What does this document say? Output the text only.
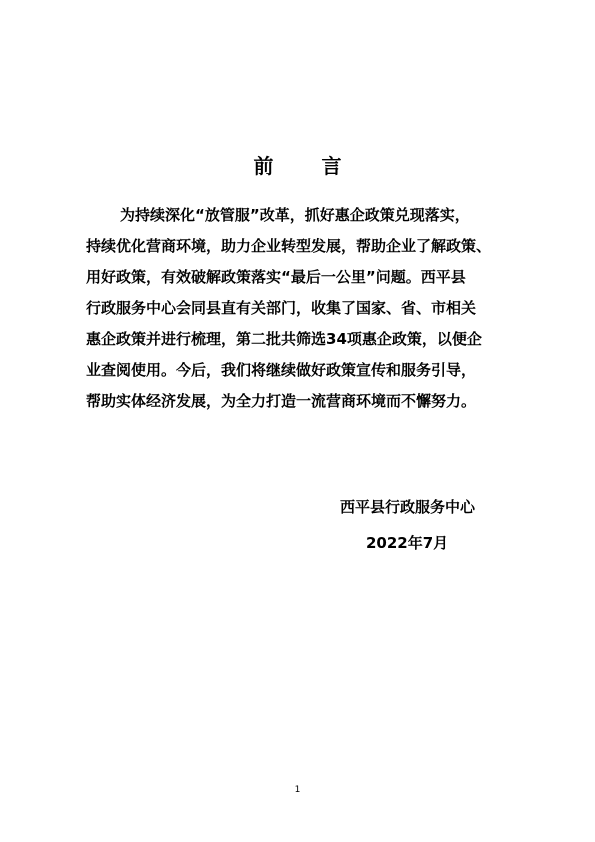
前 言
为持续深化“放管服”改革，抓好惠企政策兑现落实，
持续优化营商环境，助力企业转型发展，帮助企业了解政策、
用好政策，有效破解政策落实“最后一公里”问题。西平县
行政服务中心会同县直有关部门，收集了国家、省、市相关
惠企政策并进行梳理，第二批共筛选34项惠企政策，以便企
业查阅使用。今后，我们将继续做好政策宣传和服务引导，
帮助实体经济发展，为全力打造一流营商环境而不懈努力。
西平县行政服务中心
2022年7月
1
